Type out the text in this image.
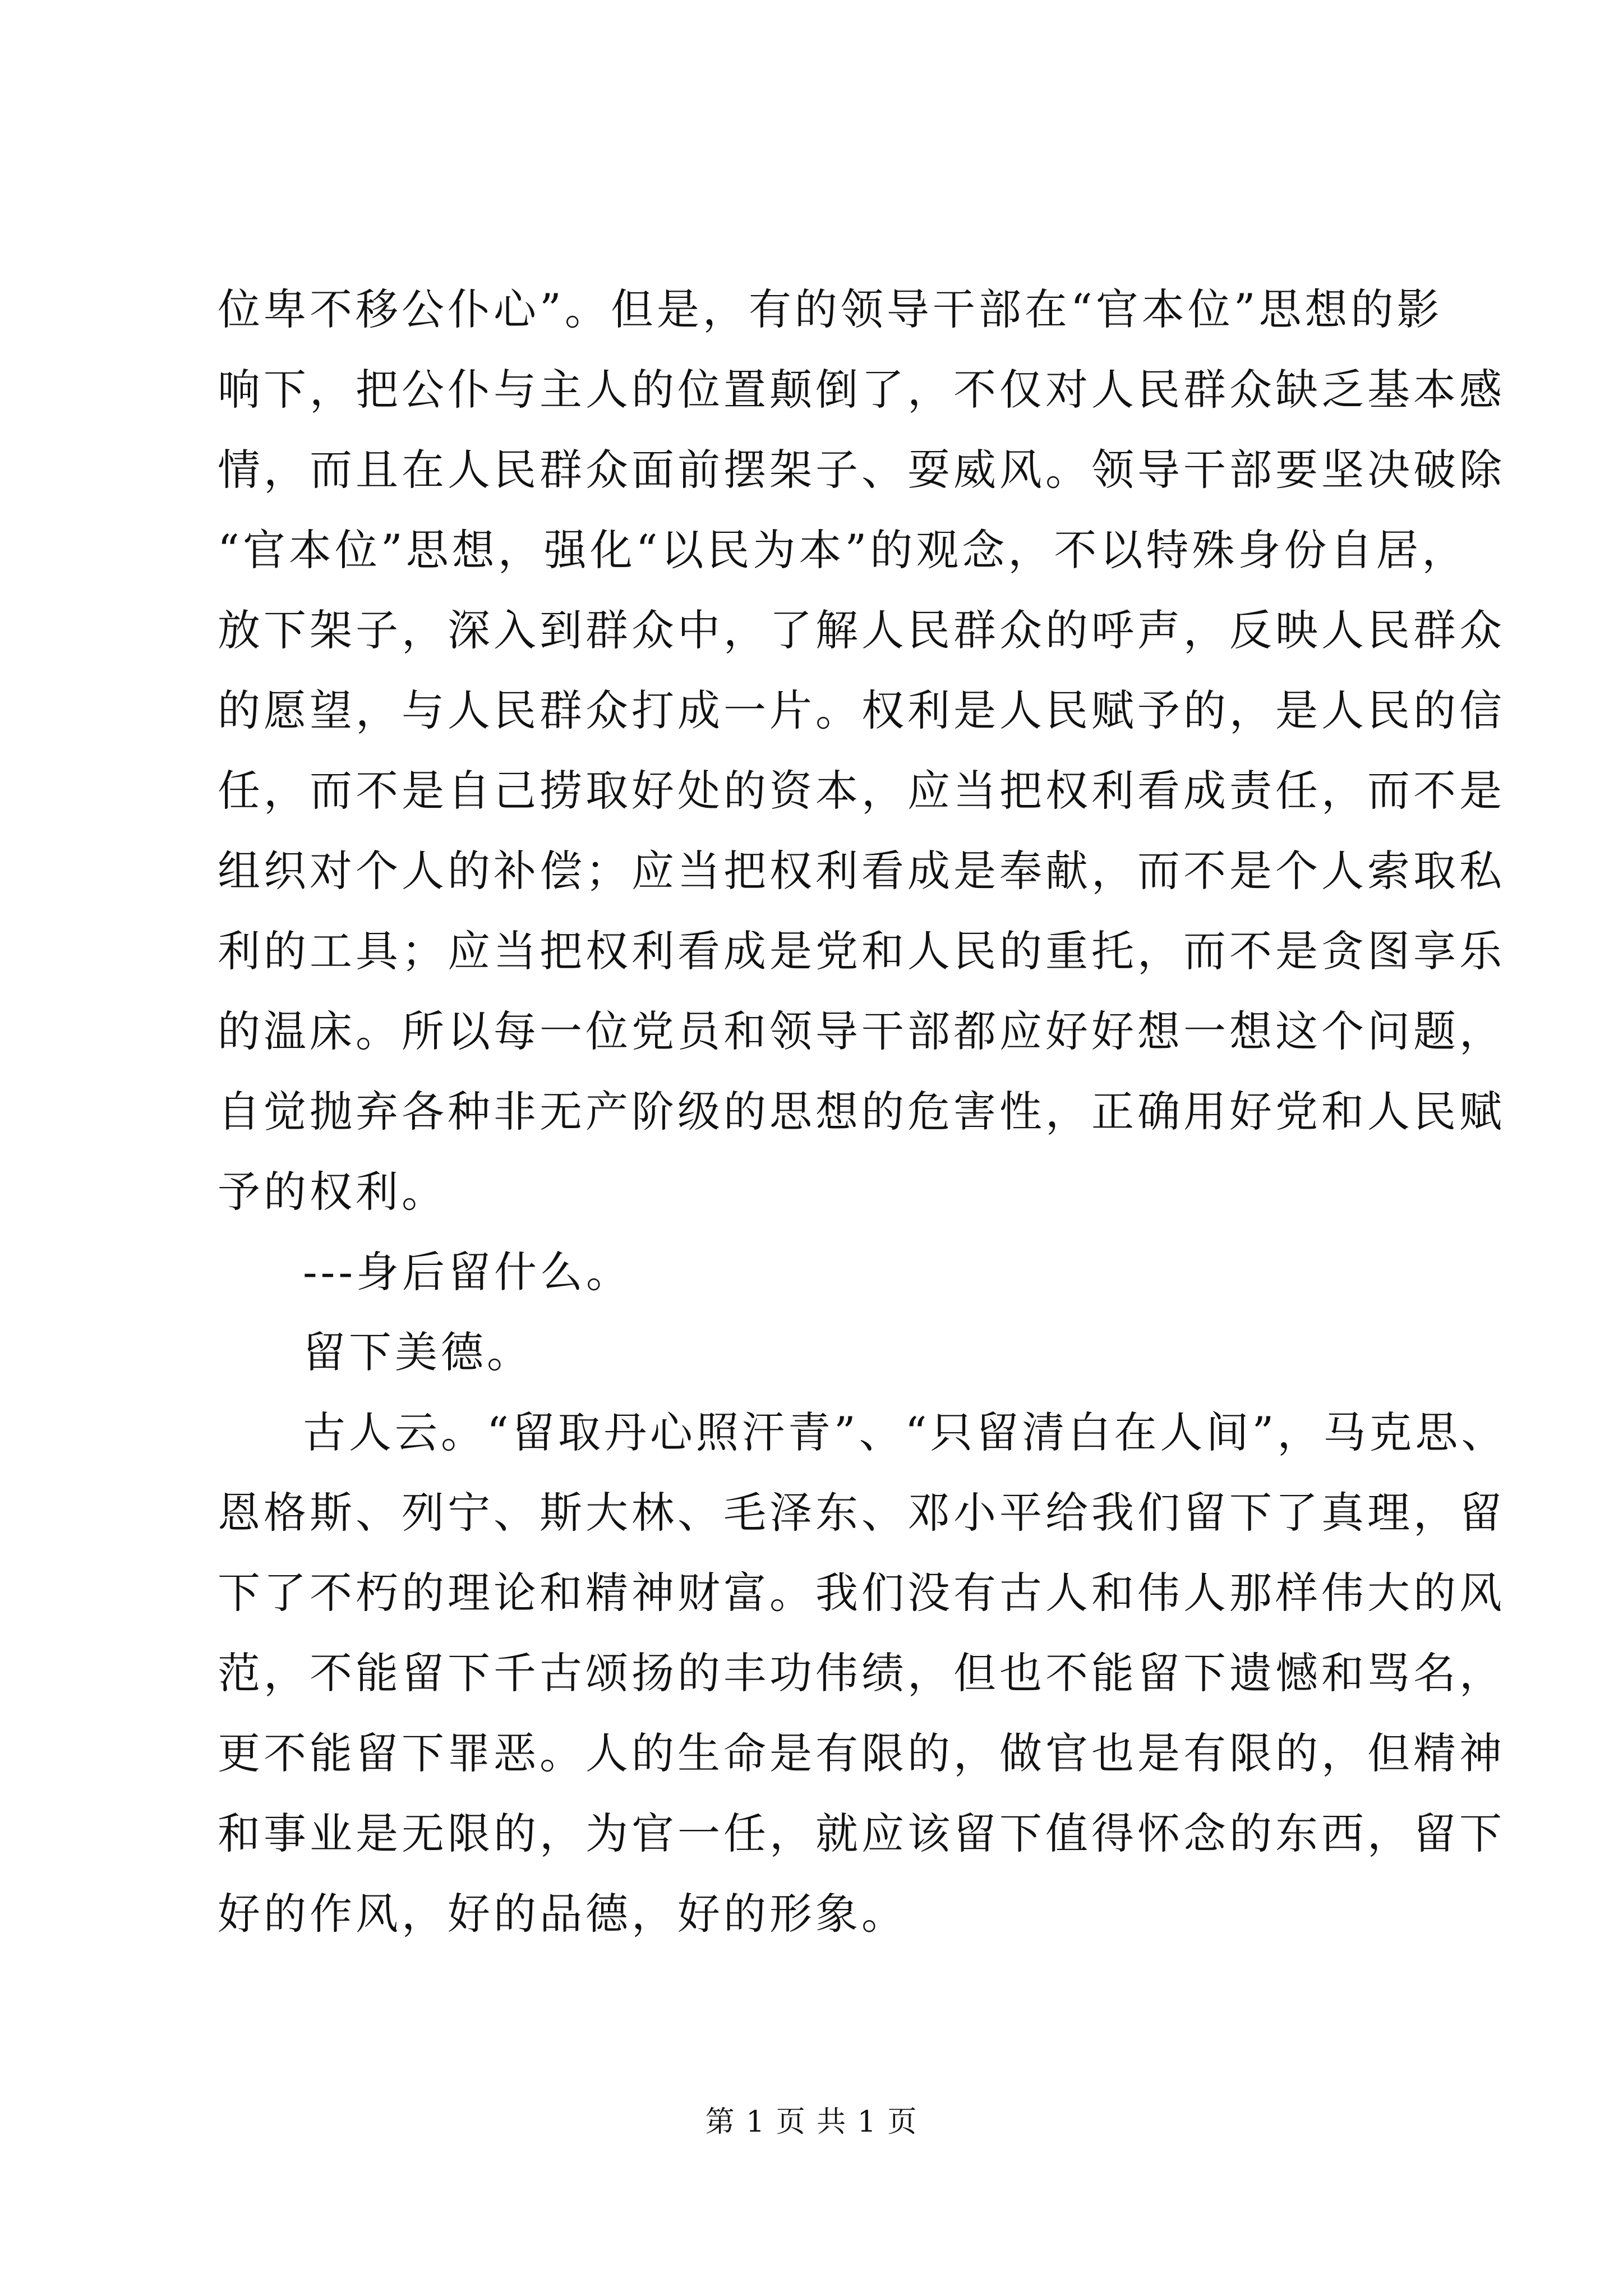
位卑不移公仆心”。但是，有的领导干部在“官本位”思想的影
响下，把公仆与主人的位置颠倒了，不仅对人民群众缺乏基本感
情，而且在人民群众面前摆架子、耍威风。领导干部要坚决破除
“官本位”思想，强化“以民为本”的观念，不以特殊身份自居，
放下架子，深入到群众中，了解人民群众的呼声，反映人民群众
的愿望，与人民群众打成一片。权利是人民赋予的，是人民的信
任，而不是自己捞取好处的资本，应当把权利看成责任，而不是
组织对个人的补偿；应当把权利看成是奉献，而不是个人索取私
利的工具；应当把权利看成是党和人民的重托，而不是贪图享乐
的温床。所以每一位党员和领导干部都应好好想一想这个问题，
自觉抛弃各种非无产阶级的思想的危害性，正确用好党和人民赋
予的权利。
---身后留什么。
留下美德。
古人云。“留取丹心照汗青”、“只留清白在人间”，马克思、
恩格斯、列宁、斯大林、毛泽东、邓小平给我们留下了真理，留
下了不朽的理论和精神财富。我们没有古人和伟人那样伟大的风
范，不能留下千古颂扬的丰功伟绩，但也不能留下遗憾和骂名，
更不能留下罪恶。人的生命是有限的，做官也是有限的，但精神
和事业是无限的，为官一任，就应该留下值得怀念的东西，留下
好的作风，好的品德，好的形象。
第 1 页 共 1 页
